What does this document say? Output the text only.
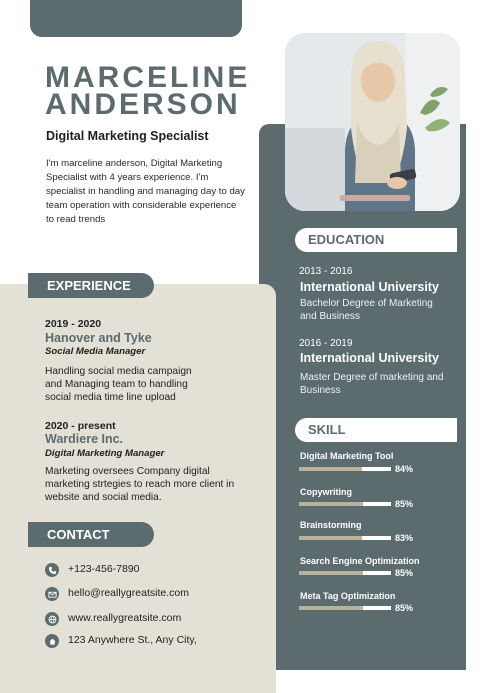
MARCELINE
ANDERSON
Digital Marketing Specialist
I'm marceline anderson, Digital Marketing Specialist with 4 years experience. I'm specialist in handling and managing day to day team operation with considerable experience to read trends
EXPERIENCE
2019 - 2020
Hanover and Tyke
Social Media Manager
Handling social media campaign and Managing team to handling social media time line upload
2020 - present
Wardiere Inc.
Digital Marketing Manager
Marketing oversees Company digital marketing strtegies to reach more client in website and social media.
CONTACT
+123-456-7890
hello@reallygreatsite.com
www.reallygreatsite.com
123 Anywhere St., Any City,
EDUCATION
2013 - 2016
International University
Bachelor Degree of Marketing and Business
2016 - 2019
International University
Master Degree of marketing and Business
SKILL
Digital Marketing Tool
84%
Copywriting
85%
Brainstorming
83%
Search Engine Optimization
85%
Meta Tag Optimization
85%
